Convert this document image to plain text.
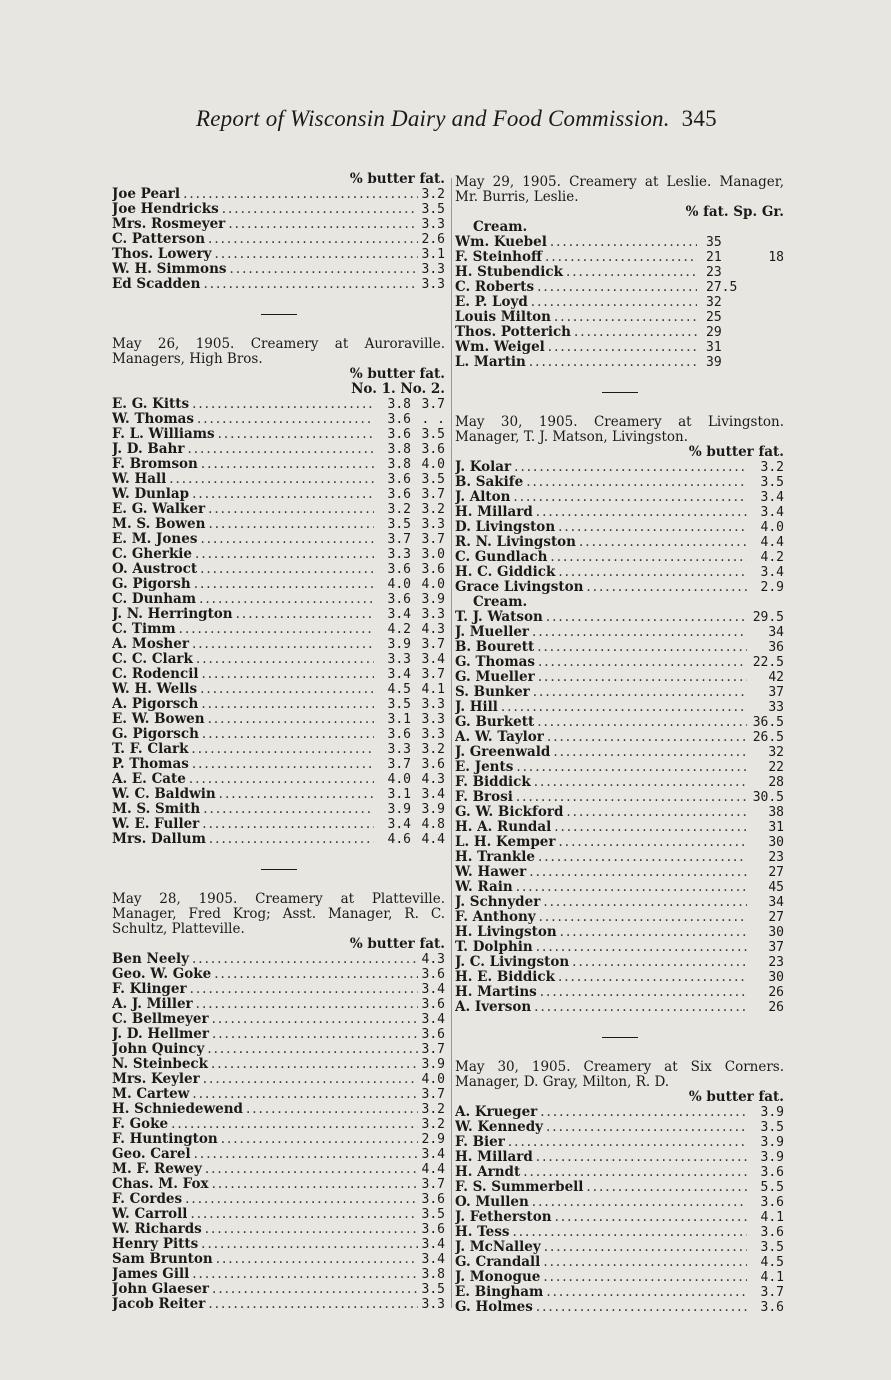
Report of Wisconsin Dairy and Food Commission. 345
% butter fat.
Joe Pearl .....	3.2
Joe Hendricks .....	3.5
Mrs. Rosmeyer .....	3.3
C. Patterson .....	2.6
Thos. Lowery .....	3.1
W. H. Simmons .....	3.3
Ed Scadden .....	3.3
May 26, 1905. Creamery at Auroraville. Managers, High Bros.
% butter fat.
No. 1. No. 2.
E. G. Kitts .....	3.8 3.7
W. Thomas .....	3.6 . .
F. L. Williams .....	3.6 3.5
J. D. Bahr .....	3.8 3.6
F. Bromson .....	3.8 4.0
W. Hall .....	3.6 3.5
W. Dunlap .....	3.6 3.7
E. G. Walker .....	3.2 3.2
M. S. Bowen .....	3.5 3.3
E. M. Jones .....	3.7 3.7
C. Gherkie .....	3.3 3.0
O. Austroct .....	3.6 3.6
G. Pigorsh .....	4.0 4.0
C. Dunham .....	3.6 3.9
J. N. Herrington .....	3.4 3.3
C. Timm .....	4.2 4.3
A. Mosher .....	3.9 3.7
C. C. Clark .....	3.3 3.4
C. Rodencil .....	3.4 3.7
W. H. Wells .....	4.5 4.1
A. Pigorsch .....	3.5 3.3
E. W. Bowen .....	3.1 3.3
G. Pigorsch .....	3.6 3.3
T. F. Clark .....	3.3 3.2
P. Thomas .....	3.7 3.6
A. E. Cate .....	4.0 4.3
W. C. Baldwin .....	3.1 3.4
M. S. Smith .....	3.9 3.9
W. E. Fuller .....	3.4 4.8
Mrs. Dallum .....	4.6 4.4
May 28, 1905. Creamery at Platteville. Manager, Fred Krog; Asst. Manager, R. C. Schultz, Platteville.
% butter fat.
Ben Neely .....	4.3
Geo. W. Goke .....	3.6
F. Klinger .....	3.4
A. J. Miller .....	3.6
C. Bellmeyer .....	3.4
J. D. Hellmer .....	3.6
John Quincy .....	3.7
N. Steinbeck .....	3.9
Mrs. Keyler .....	4.0
M. Cartew .....	3.7
H. Schniedewend .....	3.2
F. Goke .....	3.2
F. Huntington .....	2.9
Geo. Carel .....	3.4
M. F. Rewey .....	4.4
Chas. M. Fox .....	3.7
F. Cordes .....	3.6
W. Carroll .....	3.5
W. Richards .....	3.6
Henry Pitts .....	3.4
Sam Brunton .....	3.4
James Gill .....	3.8
John Glaeser .....	3.5
Jacob Reiter .....	3.3
May 29, 1905. Creamery at Leslie. Manager, Mr. Burris, Leslie.
% fat. Sp. Gr.
Cream.
Wm. Kuebel .....	35
F. Steinhoff .....	21	18
H. Stubendick .....	23
C. Roberts .....	27.5
E. P. Loyd .....	32
Louis Milton .....	25
Thos. Potterich .....	29
Wm. Weigel .....	31
L. Martin .....	39
May 30, 1905. Creamery at Livingston. Manager, T. J. Matson, Livingston.
% butter fat.
J. Kolar .....	3.2
B. Sakife .....	3.5
J. Alton .....	3.4
H. Millard .....	3.4
D. Livingston .....	4.0
R. N. Livingston .....	4.4
C. Gundlach .....	4.2
H. C. Giddick .....	3.4
Grace Livingston .....	2.9
Cream.
T. J. Watson .....	29.5
J. Mueller .....	34
B. Bourett .....	36
G. Thomas .....	22.5
G. Mueller .....	42
S. Bunker .....	37
J. Hill .....	33
G. Burkett .....	36.5
A. W. Taylor .....	26.5
J. Greenwald .....	32
E. Jents .....	22
F. Biddick .....	28
F. Brosi .....	30.5
G. W. Bickford .....	38
H. A. Rundal .....	31
L. H. Kemper .....	30
H. Trankle .....	23
W. Hawer .....	27
W. Rain .....	45
J. Schnyder .....	34
F. Anthony .....	27
H. Livingston .....	30
T. Dolphin .....	37
J. C. Livingston .....	23
H. E. Biddick .....	30
H. Martins .....	26
A. Iverson .....	26
May 30, 1905. Creamery at Six Corners. Manager, D. Gray, Milton, R. D.
% butter fat.
A. Krueger .....	3.9
W. Kennedy .....	3.5
F. Bier .....	3.9
H. Millard .....	3.9
H. Arndt .....	3.6
F. S. Summerbell .....	5.5
O. Mullen .....	3.6
J. Fetherston .....	4.1
H. Tess .....	3.6
J. McNalley .....	3.5
G. Crandall .....	4.5
J. Monogue .....	4.1
E. Bingham .....	3.7
G. Holmes .....	3.6
